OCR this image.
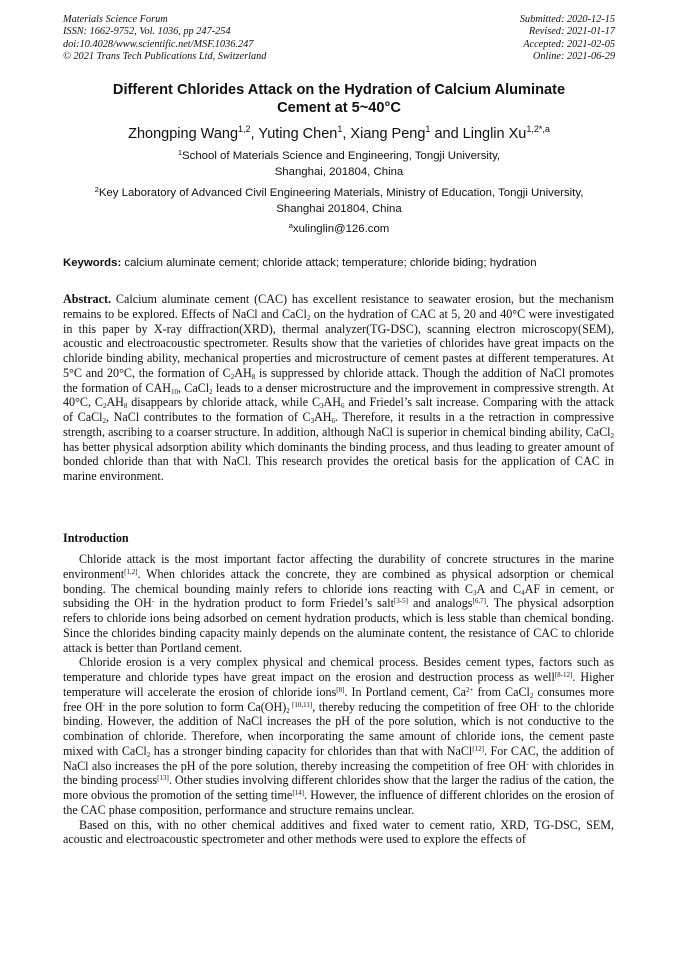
Materials Science Forum
ISSN: 1662-9752, Vol. 1036, pp 247-254
doi:10.4028/www.scientific.net/MSF.1036.247
© 2021 Trans Tech Publications Ltd, Switzerland
Submitted: 2020-12-15
Revised: 2021-01-17
Accepted: 2021-02-05
Online: 2021-06-29
Different Chlorides Attack on the Hydration of Calcium Aluminate
Cement at 5~40°C
Zhongping Wang$^{1,2}$, Yuting Chen$^1$, Xiang Peng$^1$ and Linglin $Xu^{1,2*,a}$
$^1$School of Materials Science and Engineering, Tongji University,
Shanghai, 201804, China
$^2$Key Laboratory of Advanced Civil Engineering Materials, Ministry of Education, Tongji University,
Shanghai 201804, China
$^a$xulinglin@126.com
Keywords: calcium aluminate cement; chloride attack; temperature; chloride biding; hydration

Abstract. Calcium aluminate cement (CAC) has excellent resistance to seawater erosion, but the mechanism remains to be explored. Effects of NaCl and CaCl$_2$ on the hydration of CAC at 5, 20 and 40°C were investigated in this paper by X-ray diffraction(XRD), thermal analyzer(TG-DSC), scanning electron microscopy(SEM), acoustic and electroacoustic spectrometer. Results show that the varieties of chlorides have great impacts on the chloride binding ability, mechanical properties and microstructure of cement pastes at different temperatures. At 5°C and 20°C, the formation of $C_2AH_8$ is suppressed by chloride attack. Though the addition of NaCl promotes the formation of $CAH_{10}$, CaCl$_2$ leads to a denser microstructure and the improvement in compressive strength. At 40°C, $C_2AH_8$ disappears by chloride attack, while $C_3AH_6$ and Friedel’s salt increase. Comparing with the attack of CaCl$_2$, NaCl contributes to the formation of $C_3AH_6$. Therefore, it results in a the retraction in compressive strength, ascribing to a coarser structure. In addition, although NaCl is superior in chemical binding ability, CaCl$_2$ has better physical adsorption ability which dominants the binding process, and thus leading to greater amount of bonded chloride than that with NaCl. This research provides the oretical basis for the application of CAC in marine environment.

Introduction

Chloride attack is the most important factor affecting the durability of concrete structures in the marine environment[1,2]. When chlorides attack the concrete, they are combined as physical adsorption or chemical bonding. The chemical bounding mainly refers to chloride ions reacting with $C_3A$ and $C_4AF$ in cement, or subsiding the OH- in the hydration product to form Friedel’s salt[3-5] and analogs[6,7]. The physical adsorption refers to chloride ions being adsorbed on cement hydration products, which is less stable than chemical bonding. Since the chlorides binding capacity mainly depends on the aluminate content, the resistance of CAC to chloride attack is better than Portland cement.

Chloride erosion is a very complex physical and chemical process. Besides cement types, factors such as temperature and chloride types have great impact on the erosion and destruction process as well[8-12]. Higher temperature will accelerate the erosion of chloride ions[8]. In Portland cement, $Ca^{2+}$ from CaCl$_2$ consumes more free OH- in the pore solution to form $Ca(OH)_2$ [10,11], thereby reducing the competition of free OH- to the chloride binding. However, the addition of NaCl increases the pH of the pore solution, which is not conductive to the combination of chloride. Therefore, when incorporating the same amount of chloride ions, the cement paste mixed with CaCl$_2$ has a stronger binding capacity for chlorides than that with NaCl[12]. For CAC, the addition of NaCl also increases the pH of the pore solution, thereby increasing the competition of free OH- with chlorides in the binding process[13]. Other studies involving different chlorides show that the larger the radius of the cation, the more obvious the promotion of the setting time[14]. However, the influence of different chlorides on the erosion of the CAC phase composition, performance and structure remains unclear.

Based on this, with no other chemical additives and fixed water to cement ratio, XRD, TG-DSC, SEM, acoustic and electroacoustic spectrometer and other methods were used to explore the effects of
